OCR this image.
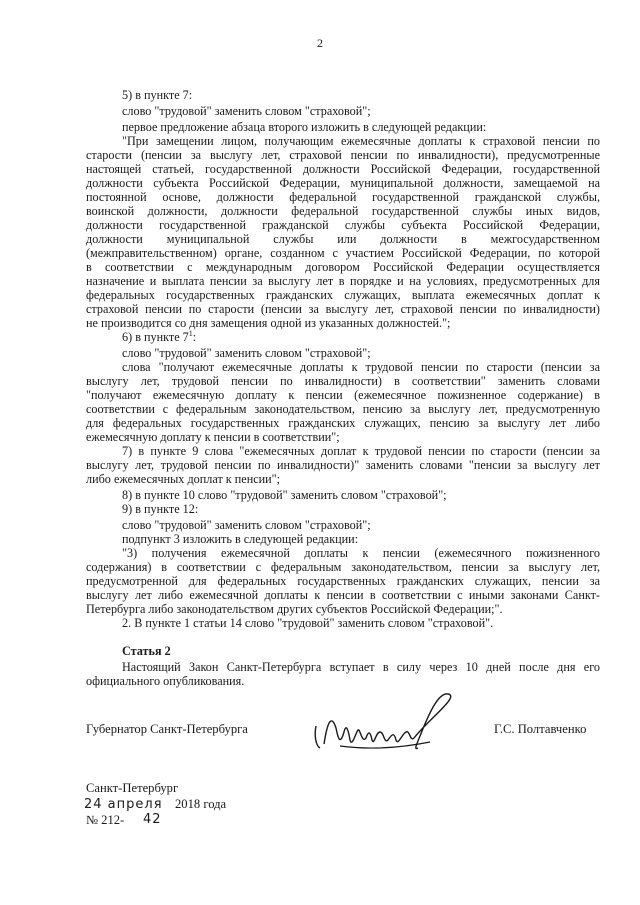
2
5) в пункте 7:
слово "трудовой" заменить словом "страховой";
первое предложение абзаца второго изложить в следующей редакции:
"При замещении лицом, получающим ежемесячные доплаты к страховой пенсии по
старости (пенсии за выслугу лет, страховой пенсии по инвалидности), предусмотренные
настоящей статьей, государственной должности Российской Федерации, государственной
должности субъекта Российской Федерации, муниципальной должности, замещаемой на
постоянной основе, должности федеральной государственной гражданской службы,
воинской должности, должности федеральной государственной службы иных видов,
должности государственной гражданской службы субъекта Российской Федерации,
должности муниципальной службы или должности в межгосударственном
(межправительственном) органе, созданном с участием Российской Федерации, по которой
в соответствии с международным договором Российской Федерации осуществляется
назначение и выплата пенсии за выслугу лет в порядке и на условиях, предусмотренных для
федеральных государственных гражданских служащих, выплата ежемесячных доплат к
страховой пенсии по старости (пенсии за выслугу лет, страховой пенсии по инвалидности)
не производится со дня замещения одной из указанных должностей.";
6) в пункте $7^1$:
слово "трудовой" заменить словом "страховой";
слова "получают ежемесячные доплаты к трудовой пенсии по старости (пенсии за
выслугу лет, трудовой пенсии по инвалидности) в соответствии" заменить словами
"получают ежемесячную доплату к пенсии (ежемесячное пожизненное содержание) в
соответствии с федеральным законодательством, пенсию за выслугу лет, предусмотренную
для федеральных государственных гражданских служащих, пенсию за выслугу лет либо
ежемесячную доплату к пенсии в соответствии";
7) в пункте 9 слова "ежемесячных доплат к трудовой пенсии по старости (пенсии за
выслугу лет, трудовой пенсии по инвалидности)" заменить словами "пенсии за выслугу лет
либо ежемесячных доплат к пенсии";
8) в пункте 10 слово "трудовой" заменить словом "страховой";
9) в пункте 12:
слово "трудовой" заменить словом "страховой";
подпункт 3 изложить в следующей редакции:
"3) получения ежемесячной доплаты к пенсии (ежемесячного пожизненного
содержания) в соответствии с федеральным законодательством, пенсии за выслугу лет,
предусмотренной для федеральных государственных гражданских служащих, пенсии за
выслугу лет либо ежемесячной доплаты к пенсии в соответствии с иными законами Санкт-
Петербурга либо законодательством других субъектов Российской Федерации;".
2. В пункте 1 статьи 14 слово "трудовой" заменить словом "страховой".
Статья 2
Настоящий Закон Санкт-Петербурга вступает в силу через 10 дней после дня его
официального опубликования.
Губернатор Санкт-Петербурга	Г.С. Полтавченко
Санкт-Петербург
24 апреля 2018 года
№ 212- 42
